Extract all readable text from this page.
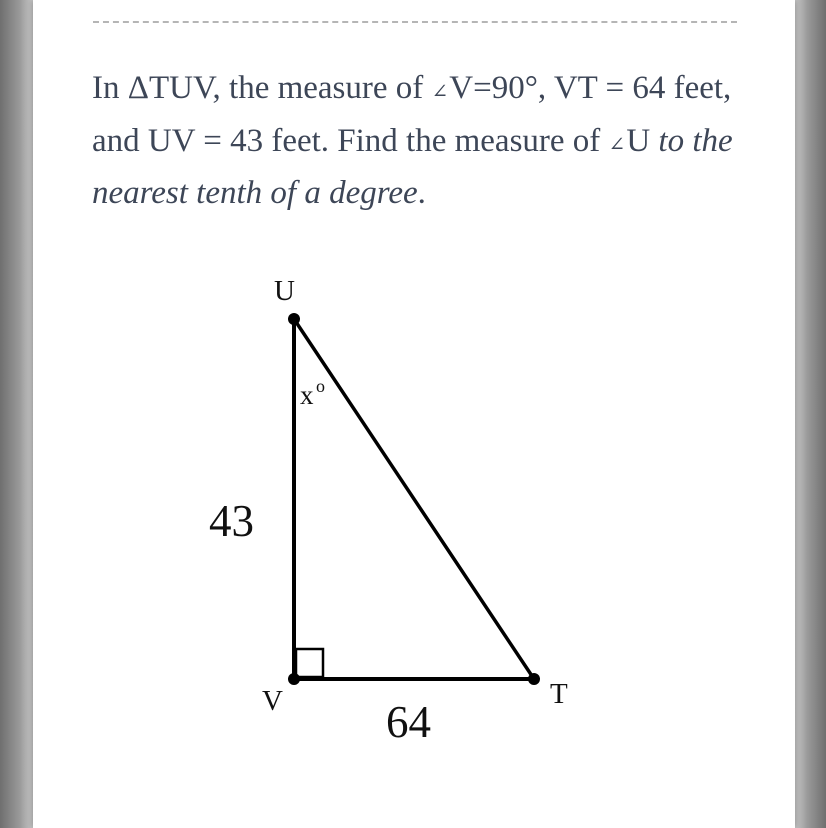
In ΔTUV, the measure of ∠V=90°, VT = 64 feet, and UV = 43 feet. Find the measure of ∠U to the nearest tenth of a degree.
U
V	T
x o
43
64
